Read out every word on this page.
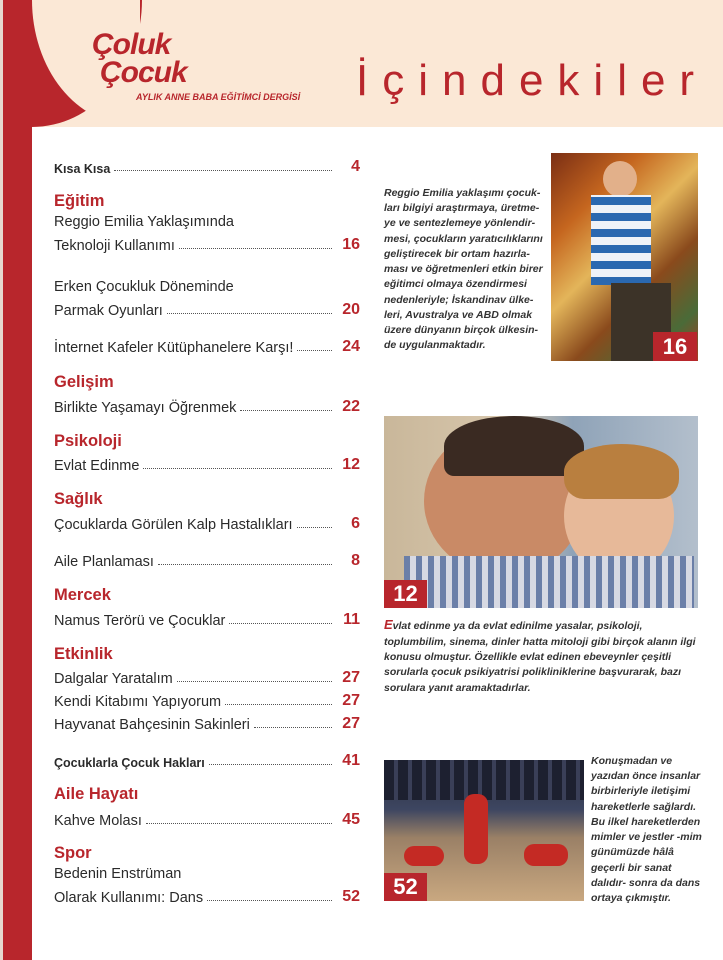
Çoluk
Çocuk
AYLIK ANNE BABA EĞİTİMCİ DERGİSİ İçindekiler
Kısa Kısa	4
Eğitim
Reggio Emilia Yaklaşımında
Teknoloji Kullanımı	16
Erken Çocukluk Döneminde
Parmak Oyunları	20
İnternet Kafeler Kütüphanelere Karşı!	24
Gelişim
Birlikte Yaşamayı Öğrenmek	22
Psikoloji
Evlat Edinme	12
Sağlık
Çocuklarda Görülen Kalp Hastalıkları	6
Aile Planlaması	8
Mercek
Namus Terörü ve Çocuklar	11
Etkinlik
Dalgalar Yaratalım	27
Kendi Kitabımı Yapıyorum	27
Hayvanat Bahçesinin Sakinleri	27
Çocuklarla Çocuk Hakları	41
Aile Hayatı
Kahve Molası	45
Spor
Bedenin Enstrüman
Olarak Kullanımı: Dans	52
16
Reggio Emilia yaklaşımı çocuk-ları bilgiyi araştırmaya, üretme-ye ve sentezlemeye yönlendir-mesi, çocukların yaratıcılıklarını geliştirecek bir ortam hazırla-ması ve öğretmenleri etkin birer eğitimci olmaya özendirmesi nedenleriyle; İskandinav ülke-leri, Avustralya ve ABD olmak üzere dünyanın birçok ülkesin-de uygulanmaktadır.
12
Evlat edinme ya da evlat edinilme yasalar, psikoloji, toplumbilim, sinema, dinler hatta mitoloji gibi birçok alanın ilgi konusu olmuştur. Özellikle evlat edinen ebeveynler çeşitli sorularla çocuk psikiyatrisi polikliniklerine başvurarak, bazı sorulara yanıt aramaktadırlar.
52
Konuşmadan ve yazıdan önce insanlar birbirleriyle iletişimi hareketlerle sağlardı. Bu ilkel hareketlerden mimler ve jestler -mim günümüzde hâlâ geçerli bir sanat dalıdır- sonra da dans ortaya çıkmıştır.
